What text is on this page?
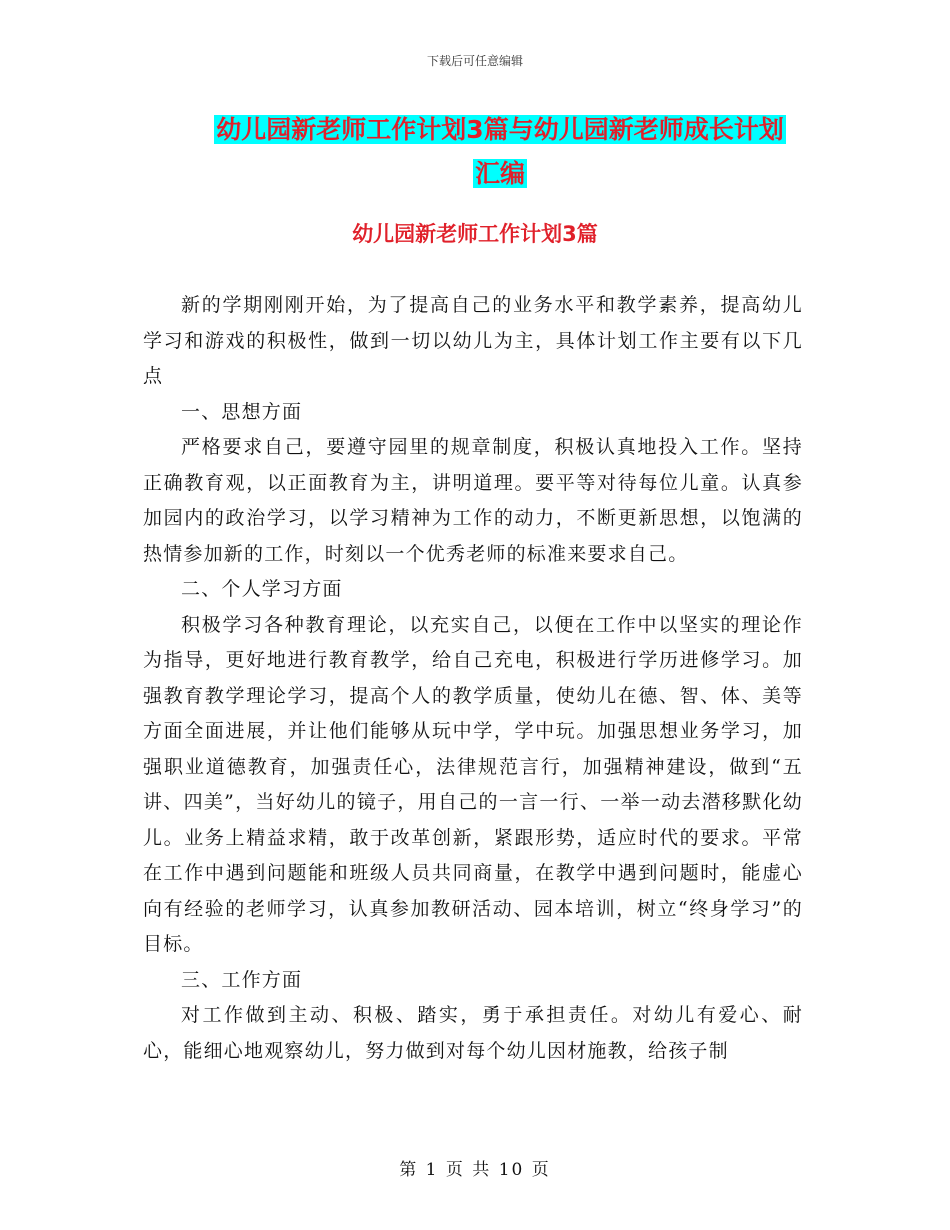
下载后可任意编辑
幼儿园新老师工作计划3篇与幼儿园新老师成长计划
汇编
幼儿园新老师工作计划3篇

新的学期刚刚开始，为了提高自己的业务水平和教学素养，提高幼儿学习和游戏的积极性，做到一切以幼儿为主，具体计划工作主要有以下几点

一、思想方面

严格要求自己，要遵守园里的规章制度，积极认真地投入工作。坚持正确教育观，以正面教育为主，讲明道理。要平等对待每位儿童。认真参加园内的政治学习，以学习精神为工作的动力，不断更新思想，以饱满的热情参加新的工作，时刻以一个优秀老师的标准来要求自己。

二、个人学习方面

积极学习各种教育理论，以充实自己，以便在工作中以坚实的理论作为指导，更好地进行教育教学，给自己充电，积极进行学历进修学习。加强教育教学理论学习，提高个人的教学质量，使幼儿在德、智、体、美等方面全面进展，并让他们能够从玩中学，学中玩。加强思想业务学习，加强职业道德教育，加强责任心，法律规范言行，加强精神建设，做到“五讲、四美”，当好幼儿的镜子，用自己的一言一行、一举一动去潜移默化幼儿。业务上精益求精，敢于改革创新，紧跟形势，适应时代的要求。平常在工作中遇到问题能和班级人员共同商量，在教学中遇到问题时，能虚心向有经验的老师学习，认真参加教研活动、园本培训，树立“终身学习”的目标。

三、工作方面

对工作做到主动、积极、踏实，勇于承担责任。对幼儿有爱心、耐心，能细心地观察幼儿，努力做到对每个幼儿因材施教，给孩子制

第 1 页 共 10 页
